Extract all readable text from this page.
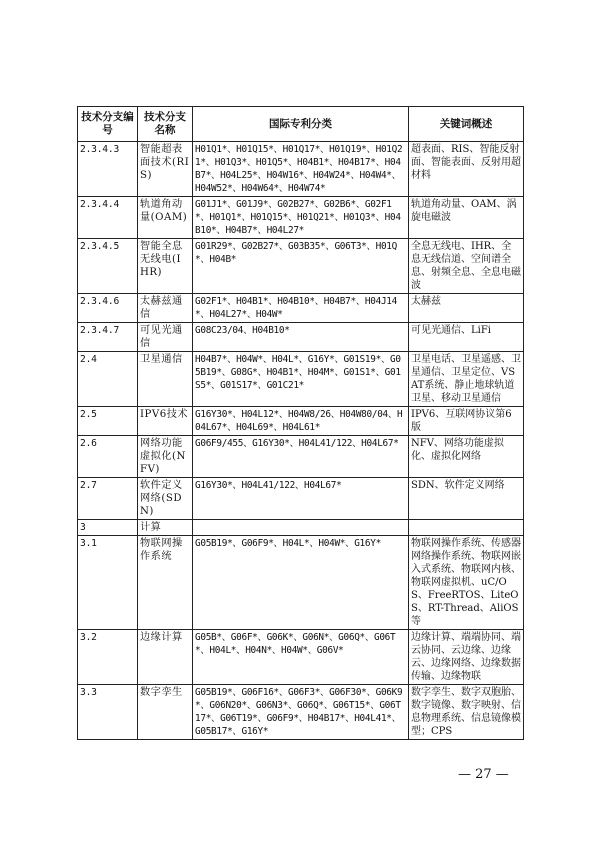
技术分支编号	技术分支名称	国际专利分类	关键词概述
2.3.4.3	智能超表面技术(RIS)	H01Q1*、H01Q15*、H01Q17*、H01Q19*、H01Q21*、H01Q3*、H01Q5*、H04B1*、H04B17*、H04B7*、H04L25*、H04W16*、H04W24*、H04W4*、H04W52*、H04W64*、H04W74*	超表面、RIS、智能反射面、智能表面、反射用超材料
2.3.4.4	轨道角动量(OAM)	G01J1*、G01J9*、G02B27*、G02B6*、G02F1*、H01Q1*、H01Q15*、H01Q21*、H01Q3*、H04B10*、H04B7*、H04L27*	轨道角动量、OAM、涡旋电磁波
2.3.4.5	智能全息无线电(IHR)	G01R29*、G02B27*、G03B35*、G06T3*、H01Q*、H04B*	全息无线电、IHR、全息无线信道、空间谱全息、射频全息、全息电磁波
2.3.4.6	太赫兹通信	G02F1*、H04B1*、H04B10*、H04B7*、H04J14*、H04L27*、H04W*	太赫兹
2.3.4.7	可见光通信	G08C23/04、H04B10*	可见光通信、LiFi
2.4	卫星通信	H04B7*、H04W*、H04L*、G16Y*、G01S19*、G05B19*、G08G*、H04B1*、H04M*、G01S1*、G01S5*、G01S17*、G01C21*	卫星电话、卫星遥感、卫星通信、卫星定位、VSAT系统、静止地球轨道卫星、移动卫星通信
2.5	IPV6技术	G16Y30*、H04L12*、H04W8/26、H04W80/04、H04L67*、H04L69*、H04L61*	IPV6、互联网协议第6版
2.6	网络功能虚拟化(NFV)	G06F9/455、G16Y30*、H04L41/122、H04L67*	NFV、网络功能虚拟化、虚拟化网络
2.7	软件定义网络(SDN)	G16Y30*、H04L41/122、H04L67*	SDN、软件定义网络
3	计算		
3.1	物联网操作系统	G05B19*、G06F9*、H04L*、H04W*、G16Y*	物联网操作系统、传感器网络操作系统、物联网嵌入式系统、物联网内核、物联网虚拟机、uC/OS、FreeRTOS、LiteOS、RT-Thread、AliOS等
3.2	边缘计算	G05B*、G06F*、G06K*、G06N*、G06Q*、G06T*、H04L*、H04N*、H04W*、G06V*	边缘计算、端端协同、端云协同、云边缘、边缘云、边缘网络、边缘数据传输、边缘物联
3.3	数字孪生	G05B19*、G06F16*、G06F3*、G06F30*、G06K9*、G06N20*、G06N3*、G06Q*、G06T15*、G06T17*、G06T19*、G06F9*、H04B17*、H04L41*、G05B17*、G16Y*	数字孪生、数字双胞胎、数字镜像、数字映射、信息物理系统、信息镜像模型；CPS
— 27 —
